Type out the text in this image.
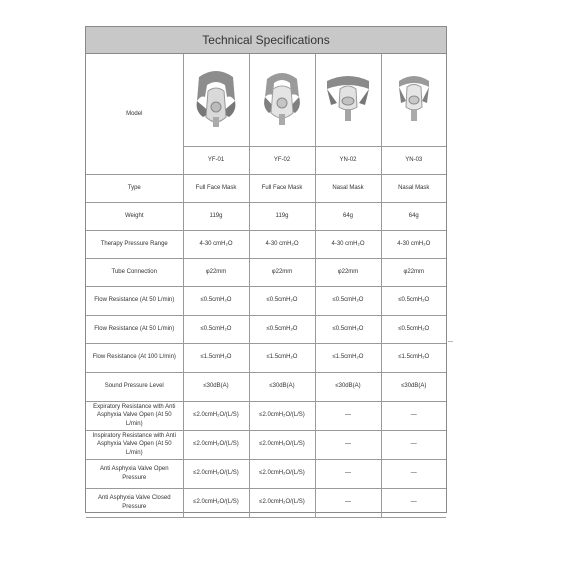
Technical Specifications
Model	

	YF-01	YF-02	YN-02	YN-03
Type	Full Face Mask	Full Face Mask	Nasal Mask	Nasal Mask
Weight	119g	119g	64g	64g
Therapy Pressure Range	4-30 cmH₂O	4-30 cmH₂O	4-30 cmH₂O	4-30 cmH₂O
Tube Connection	φ22mm	φ22mm	φ22mm	φ22mm
Flow Resistance (At 50 L/min)	≤0.5cmH₂O	≤0.5cmH₂O	≤0.5cmH₂O	≤0.5cmH₂O
Flow Resistance (At 50 L/min)	≤0.5cmH₂O	≤0.5cmH₂O	≤0.5cmH₂O	≤0.5cmH₂O
Flow Resistance (At 100 L/min)	≤1.5cmH₂O	≤1.5cmH₂O	≤1.5cmH₂O	≤1.5cmH₂O
Sound Pressure Level	≤30dB(A)	≤30dB(A)	≤30dB(A)	≤30dB(A)
Expiratory Resistance with Anti Asphyxia Valve Open (At 50 L/min)	≤2.0cmH₂O/(L/S)	≤2.0cmH₂O/(L/S)	—	—
Inspiratory Resistance with Anti Asphyxia Valve Open (At 50 L/min)	≤2.0cmH₂O/(L/S)	≤2.0cmH₂O/(L/S)	—	—
Anti Asphyxia Valve Open Pressure	≤2.0cmH₂O/(L/S)	≤2.0cmH₂O/(L/S)	—	—
Anti Asphyxia Valve Closed Pressure	≤2.0cmH₂O/(L/S)	≤2.0cmH₂O/(L/S)	—	—
